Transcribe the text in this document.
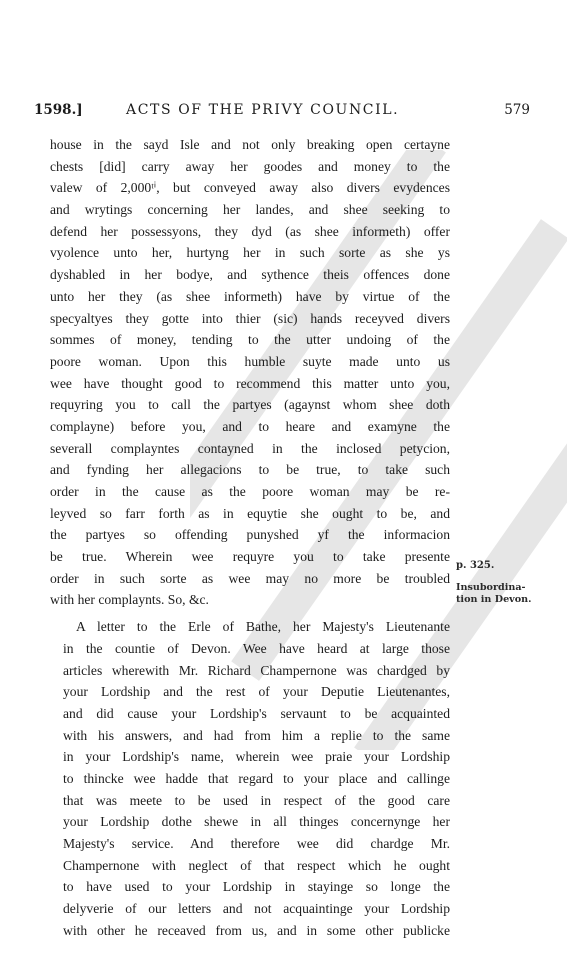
1598.]	ACTS OF THE PRIVY COUNCIL.	579

house in the sayd Isle and not only breaking open certayne
chests [did] carry away her goodes and money to the
valew of 2,000ᵗⁱ, but conveyed away also divers evydences
and wrytings concerning her landes, and shee seeking to
defend her possessyons, they dyd (as shee informeth) offer
vyolence unto her, hurtyng her in such sorte as she ys
dyshabled in her bodye, and sythence theis offences done
unto her they (as shee informeth) have by virtue of the
specyaltyes they gotte into thier (sic) hands receyved divers
sommes of money, tending to the utter undoing of the
poore woman. Upon this humble suyte made unto us
wee have thought good to recommend this matter unto you,
requyring you to call the partyes (agaynst whom shee doth
complayne) before you, and to heare and examyne the
severall complayntes contayned in the inclosed petycion,
and fynding her allegacions to be true, to take such
order in the cause as the poore woman may be re-
leyved so farr forth as in equytie she ought to be, and
the partyes so offending punyshed yf the informacion
be true. Wherein wee requyre you to take presente
order in such sorte as wee may no more be troubled
with her complaynts. So, &c.

A letter to the Erle of Bathe, her Majesty's Lieutenante
in the countie of Devon. Wee have heard at large those
articles wherewith Mr. Richard Champernone was chardged by
your Lordship and the rest of your Deputie Lieutenantes,
and did cause your Lordship's servaunt to be acquainted
with his answers, and had from him a replie to the same
in your Lordship's name, wherein wee praie your Lordship
to thincke wee hadde that regard to your place and callinge
that was meete to be used in respect of the good care
your Lordship dothe shewe in all thinges concernynge her
Majesty's service. And therefore wee did chardge Mr.
Champernone with neglect of that respect which he ought
to have used to your Lordship in stayinge so longe the
delyverie of our letters and not acquaintinge your Lordship
with other he receaved from us, and in some other publicke

p. 325.
Insubordina-
tion in Devon.
